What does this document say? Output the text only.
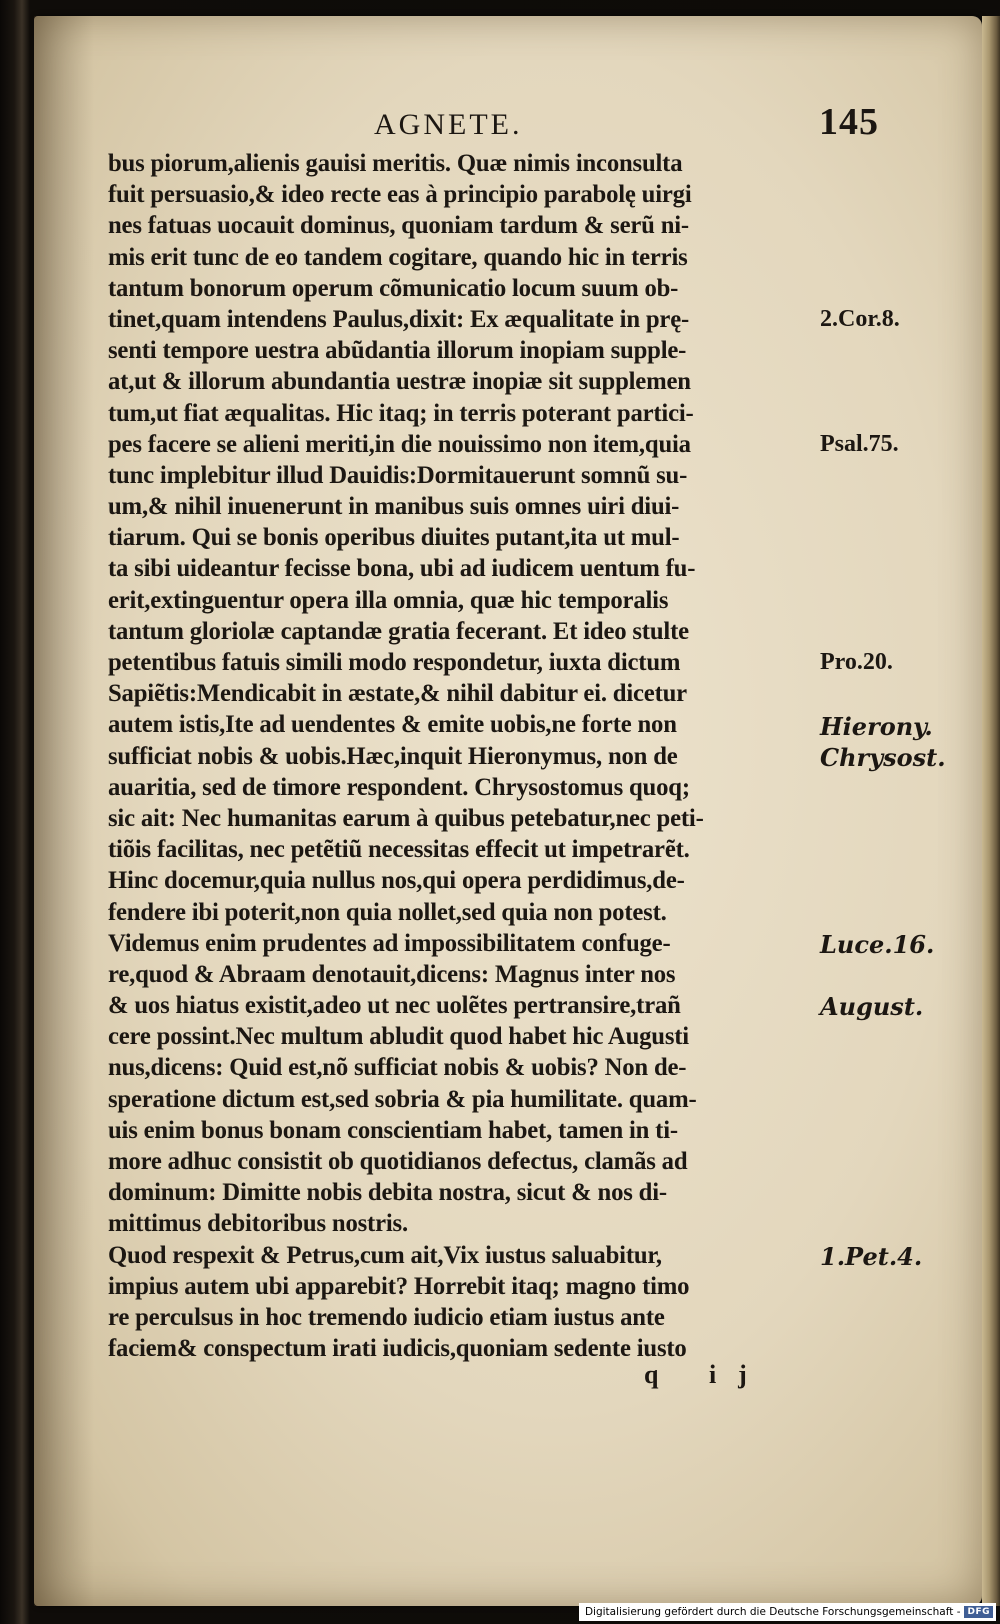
AGNETE.	145
bus piorum,alienis gauisi meritis. Quæ nimis inconsulta
fuit persuasio,& ideo recte eas à principio parabolę uirgi
nes fatuas uocauit dominus, quoniam tardum & serũ ni-
mis erit tunc de eo tandem cogitare, quando hic in terris
tantum bonorum operum cõmunicatio locum suum ob-
tinet,quam intendens Paulus,dixit: Ex æqualitate in prę-
senti tempore uestra abũdantia illorum inopiam supple-
at,ut & illorum abundantia uestræ inopiæ sit supplemen
tum,ut fiat æqualitas. Hic itaq; in terris poterant partici-
pes facere se alieni meriti,in die nouissimo non item,quia
tunc implebitur illud Dauidis:Dormitauerunt somnũ su-
um,& nihil inuenerunt in manibus suis omnes uiri diui-
tiarum. Qui se bonis operibus diuites putant,ita ut mul-
ta sibi uideantur fecisse bona, ubi ad iudicem uentum fu-
erit,extinguentur opera illa omnia, quæ hic temporalis
tantum gloriolæ captandæ gratia fecerant. Et ideo stulte
petentibus fatuis simili modo respondetur, iuxta dictum
Sapiẽtis:Mendicabit in æstate,& nihil dabitur ei. dicetur
autem istis,Ite ad uendentes & emite uobis,ne forte non
sufficiat nobis & uobis.Hæc,inquit Hieronymus, non de
auaritia, sed de timore respondent. Chrysostomus quoq;
sic ait: Nec humanitas earum à quibus petebatur,nec peti-
tiõis facilitas, nec petẽtiũ necessitas effecit ut impetrarẽt.
Hinc docemur,quia nullus nos,qui opera perdidimus,de-
fendere ibi poterit,non quia nollet,sed quia non potest.
Videmus enim prudentes ad impossibilitatem confuge-
re,quod & Abraam denotauit,dicens: Magnus inter nos
& uos hiatus existit,adeo ut nec uolẽtes pertransire,trañ
cere possint.Nec multum abludit quod habet hic Augusti
nus,dicens: Quid est,nõ sufficiat nobis & uobis? Non de-
speratione dictum est,sed sobria & pia humilitate. quam-
uis enim bonus bonam conscientiam habet, tamen in ti-
more adhuc consistit ob quotidianos defectus, clamãs ad
dominum: Dimitte nobis debita nostra, sicut & nos di-
mittimus debitoribus nostris.
Quod respexit & Petrus,cum ait,Vix iustus saluabitur,
impius autem ubi apparebit? Horrebit itaq; magno timo
re perculsus in hoc tremendo iudicio etiam iustus ante
faciem& conspectum irati iudicis,quoniam sedente iusto
2.Cor.8.
Psal.75.
Pro.20.
Hierony.
Chrysost.
Luce.16.
August.
1.Pet.4.
q ij
Digitalisierung gefördert durch die Deutsche Forschungsgemeinschaft - DFG
